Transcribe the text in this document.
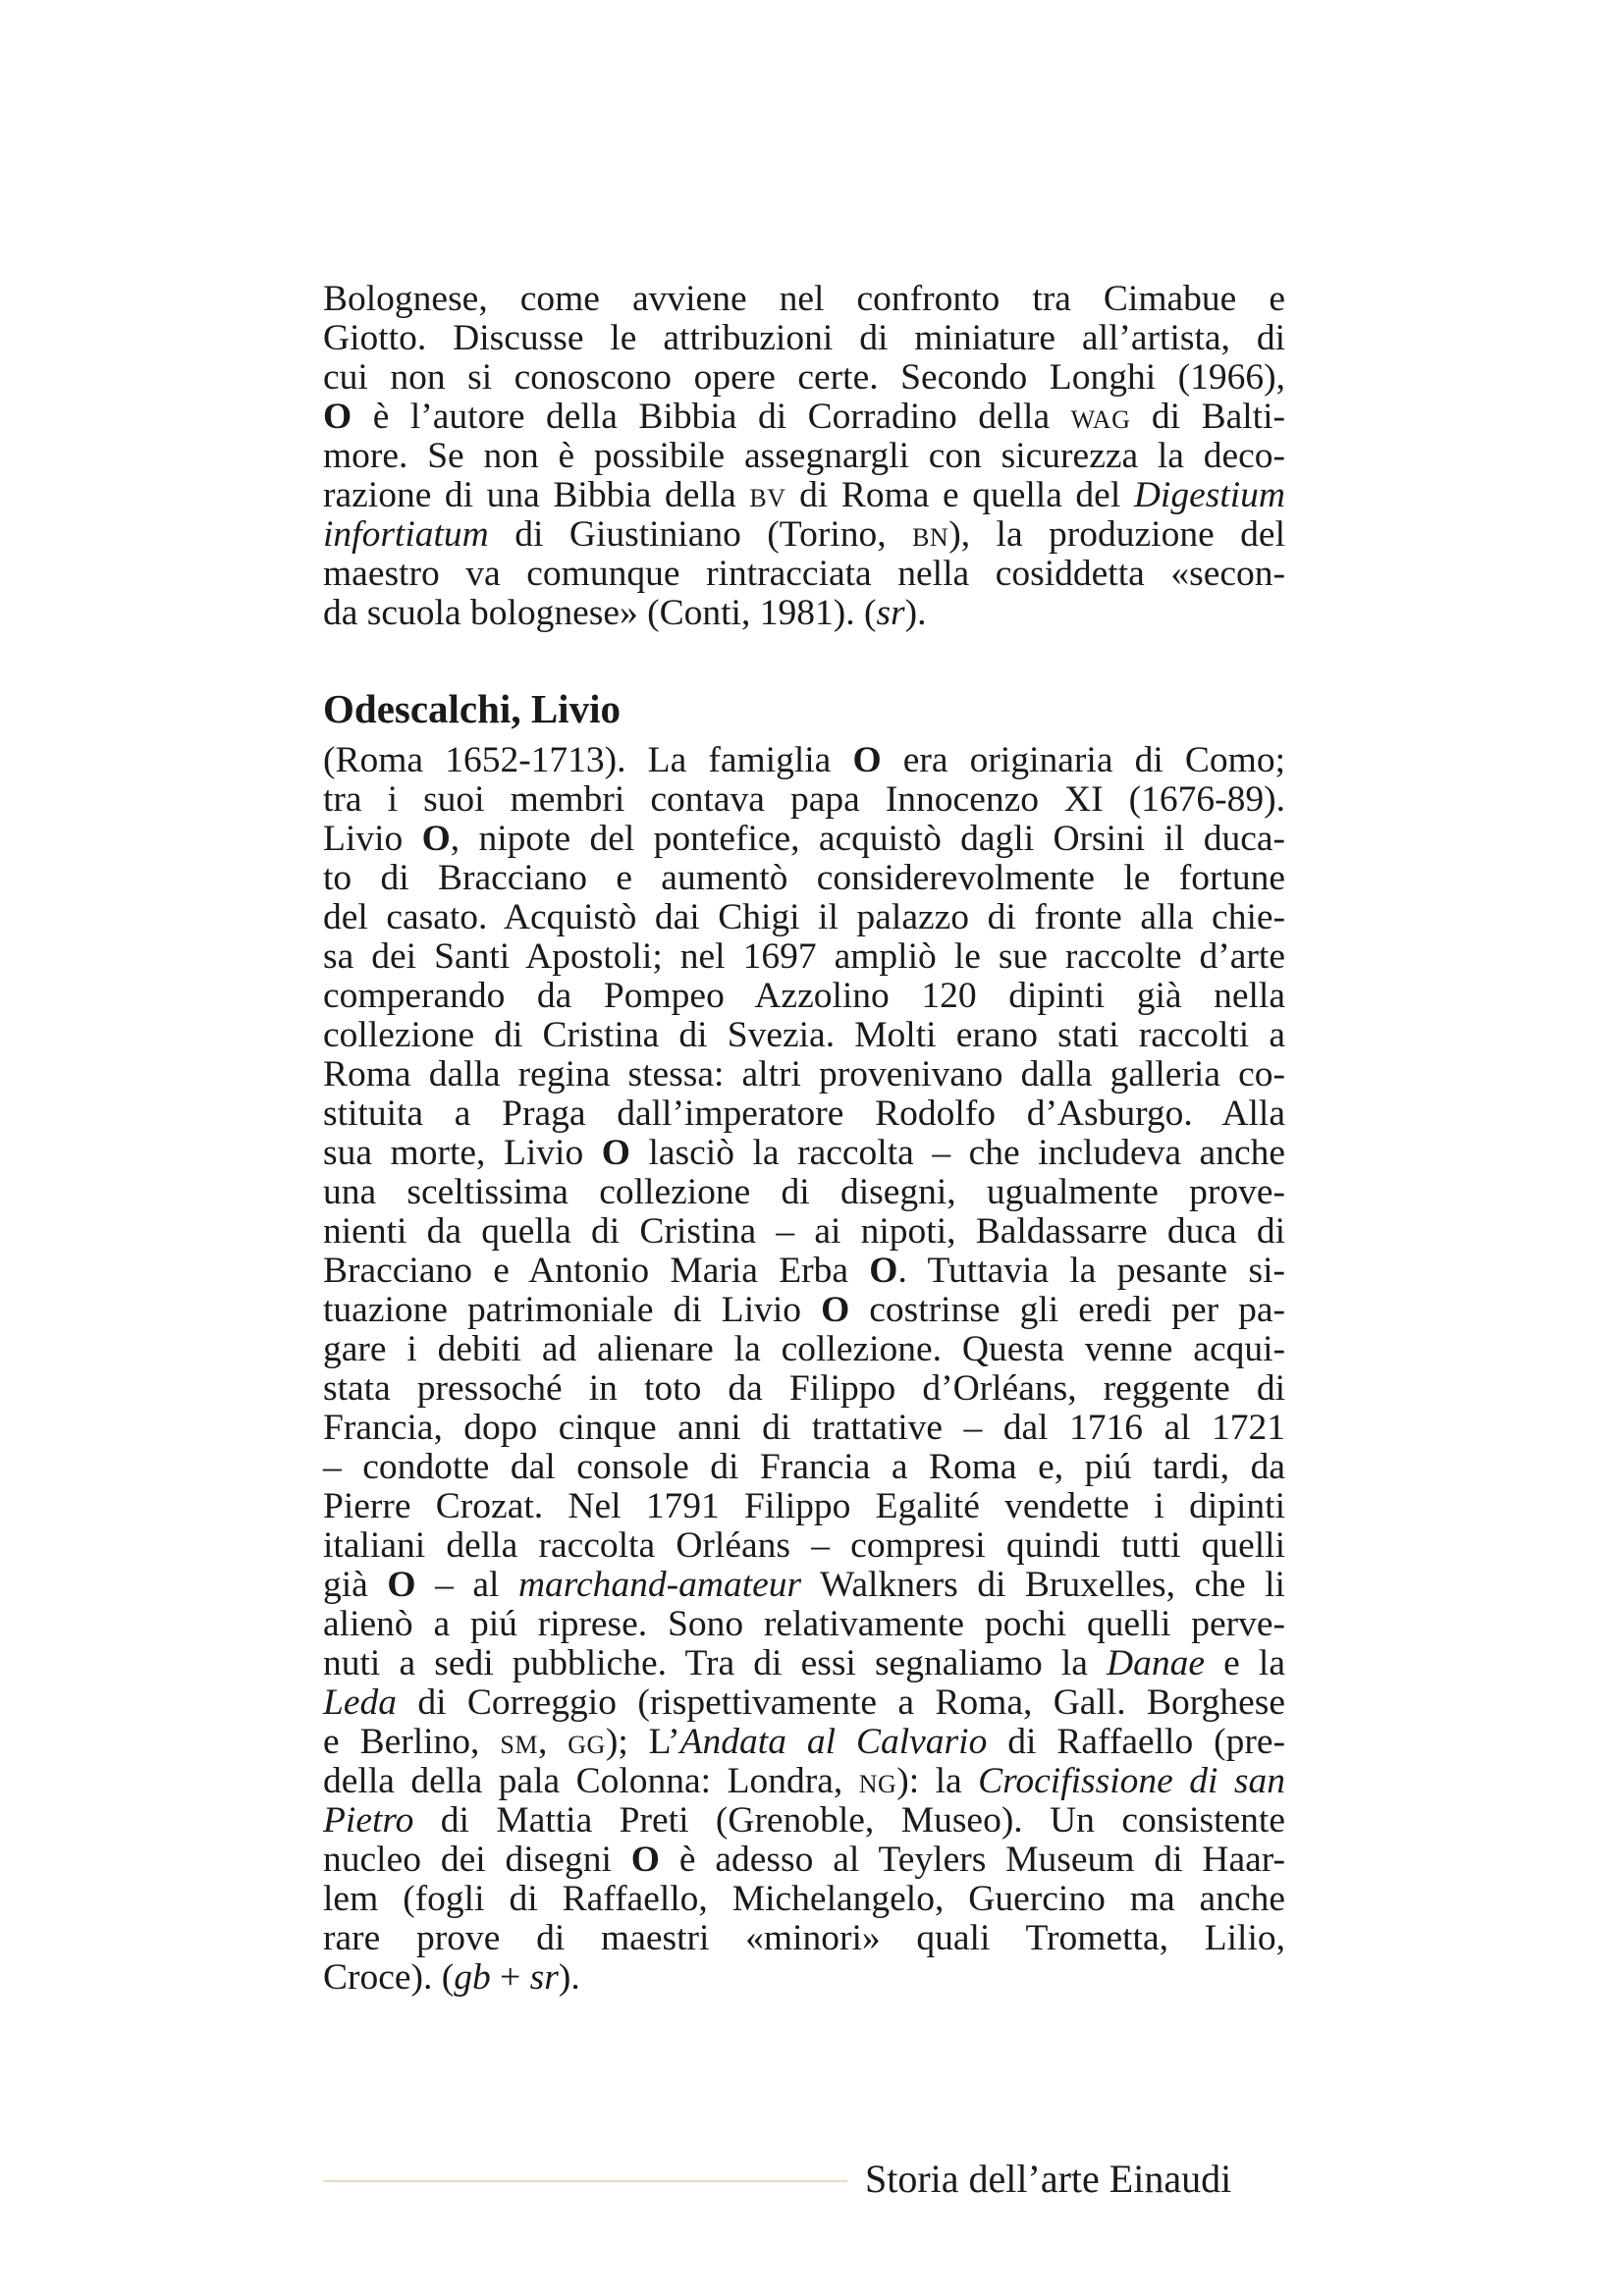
Bolognese, come avviene nel confronto tra Cimabue e
Giotto. Discusse le attribuzioni di miniature all’artista, di
cui non si conoscono opere certe. Secondo Longhi (1966),
O è l’autore della Bibbia di Corradino della wag di Balti-
more. Se non è possibile assegnargli con sicurezza la deco-
razione di una Bibbia della bv di Roma e quella del Digestium
infortiatum di Giustiniano (Torino, bn), la produzione del
maestro va comunque rintracciata nella cosiddetta «secon-
da scuola bolognese» (Conti, 1981). (sr).
Odescalchi, Livio
(Roma 1652-1713). La famiglia O era originaria di Como;
tra i suoi membri contava papa Innocenzo XI (1676-89).
Livio O, nipote del pontefice, acquistò dagli Orsini il duca-
to di Bracciano e aumentò considerevolmente le fortune
del casato. Acquistò dai Chigi il palazzo di fronte alla chie-
sa dei Santi Apostoli; nel 1697 ampliò le sue raccolte d’arte
comperando da Pompeo Azzolino 120 dipinti già nella
collezione di Cristina di Svezia. Molti erano stati raccolti a
Roma dalla regina stessa: altri provenivano dalla galleria co-
stituita a Praga dall’imperatore Rodolfo d’Asburgo. Alla
sua morte, Livio O lasciò la raccolta – che includeva anche
una sceltissima collezione di disegni, ugualmente prove-
nienti da quella di Cristina – ai nipoti, Baldassarre duca di
Bracciano e Antonio Maria Erba O. Tuttavia la pesante si-
tuazione patrimoniale di Livio O costrinse gli eredi per pa-
gare i debiti ad alienare la collezione. Questa venne acqui-
stata pressoché in toto da Filippo d’Orléans, reggente di
Francia, dopo cinque anni di trattative – dal 1716 al 1721
– condotte dal console di Francia a Roma e, piú tardi, da
Pierre Crozat. Nel 1791 Filippo Egalité vendette i dipinti
italiani della raccolta Orléans – compresi quindi tutti quelli
già O – al marchand-amateur Walkners di Bruxelles, che li
alienò a piú riprese. Sono relativamente pochi quelli perve-
nuti a sedi pubbliche. Tra di essi segnaliamo la Danae e la
Leda di Correggio (rispettivamente a Roma, Gall. Borghese
e Berlino, sm, gg); L’Andata al Calvario di Raffaello (pre-
della della pala Colonna: Londra, ng): la Crocifissione di san
Pietro di Mattia Preti (Grenoble, Museo). Un consistente
nucleo dei disegni O è adesso al Teylers Museum di Haar-
lem (fogli di Raffaello, Michelangelo, Guercino ma anche
rare prove di maestri «minori» quali Trometta, Lilio,
Croce). (gb + sr).
Storia dell’arte Einaudi
